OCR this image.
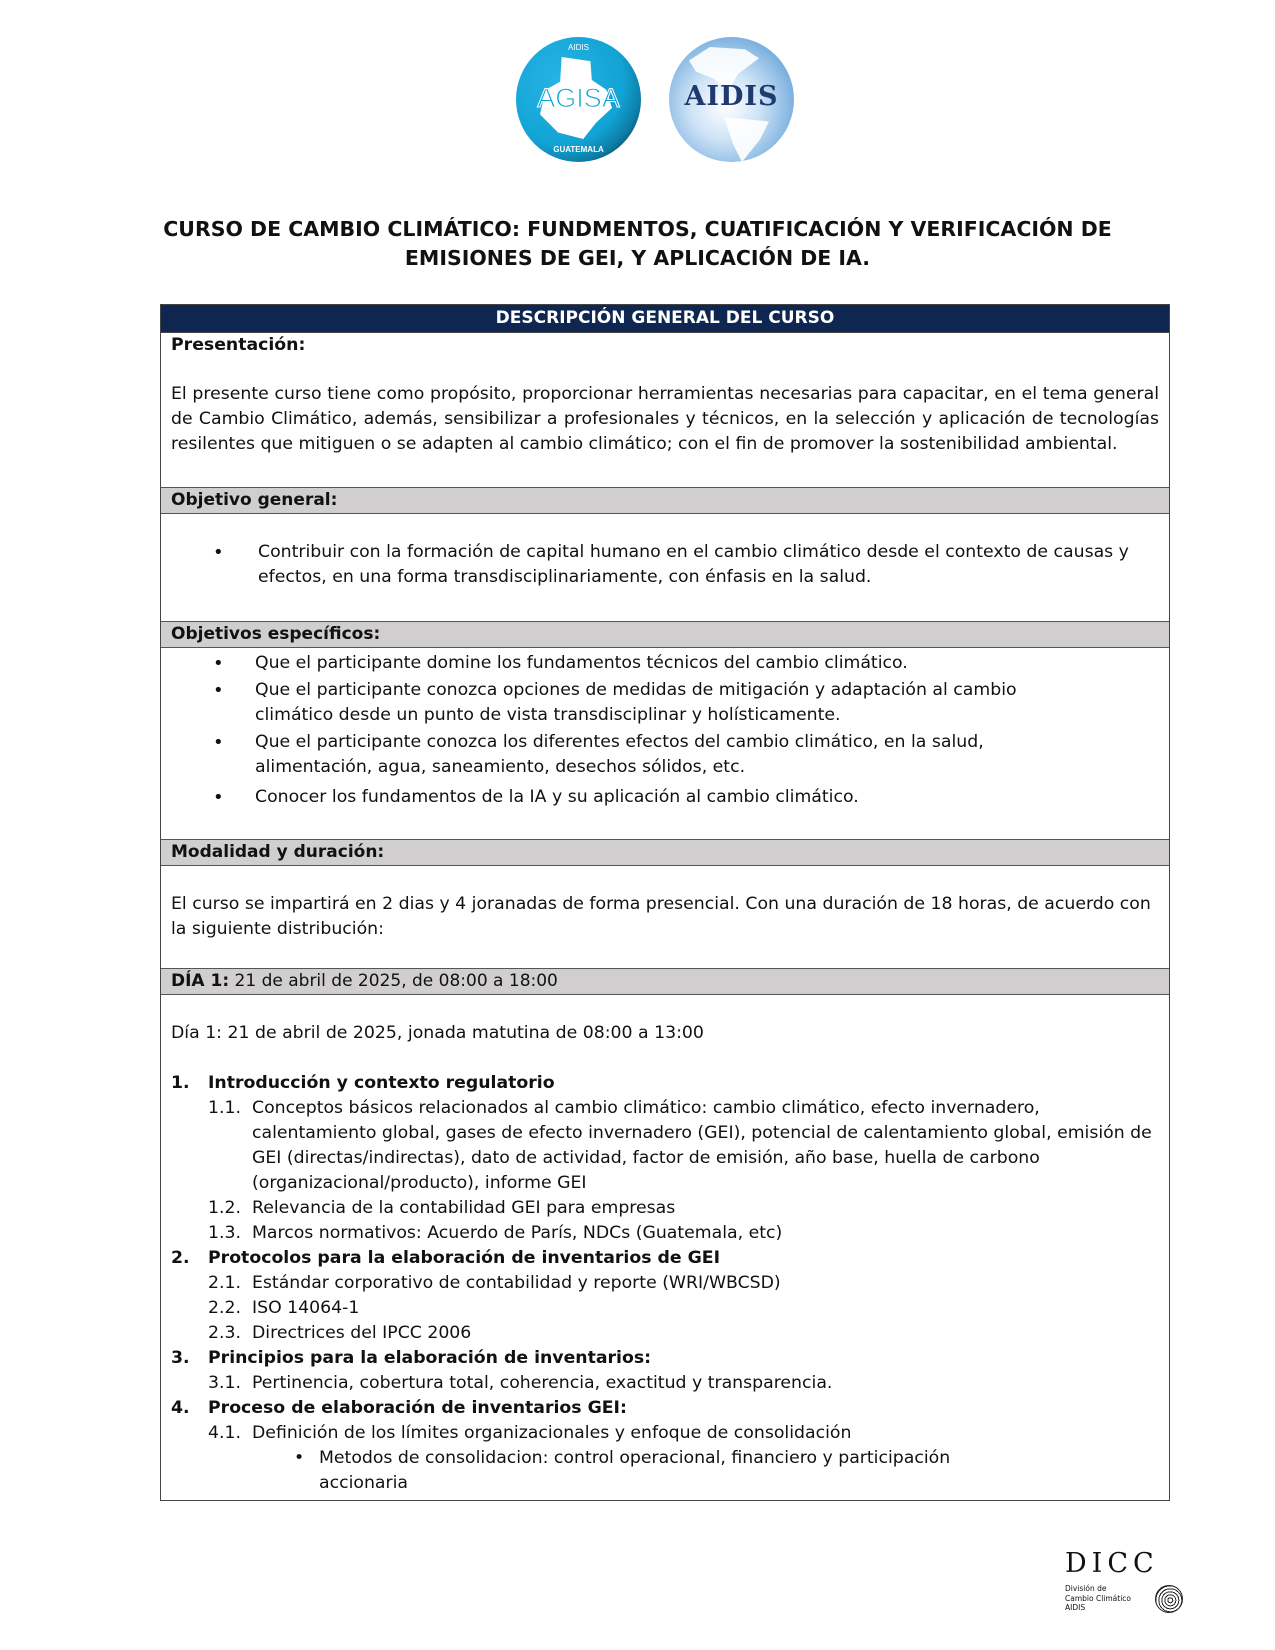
AIDIS
AGISA
GUATEMALA
AIDIS
CURSO DE CAMBIO CLIMÁTICO: FUNDMENTOS, CUATIFICACIÓN Y VERIFICACIÓN DE
EMISIONES DE GEI, Y APLICACIÓN DE IA.
DESCRIPCIÓN GENERAL DEL CURSO
Presentación:
El presente curso tiene como propósito, proporcionar herramientas necesarias para capacitar, en el tema general de Cambio Climático, además, sensibilizar a profesionales y técnicos, en la selección y aplicación de tecnologías resilentes que mitiguen o se adapten al cambio climático; con el fin de promover la sostenibilidad ambiental.
Objetivo general:
• Contribuir con la formación de capital humano en el cambio climático desde el contexto de causas y efectos, en una forma transdisciplinariamente, con énfasis en la salud.
Objetivos específicos:
• Que el participante domine los fundamentos técnicos del cambio climático.
• Que el participante conozca opciones de medidas de mitigación y adaptación al cambio climático desde un punto de vista transdisciplinar y holísticamente.
• Que el participante conozca los diferentes efectos del cambio climático, en la salud, alimentación, agua, saneamiento, desechos sólidos, etc.
• Conocer los fundamentos de la IA y su aplicación al cambio climático.
Modalidad y duración:
El curso se impartirá en 2 dias y 4 joranadas de forma presencial. Con una duración de 18 horas, de acuerdo con la siguiente distribución:
DÍA 1: 21 de abril de 2025, de 08:00 a 18:00
Día 1: 21 de abril de 2025, jonada matutina de 08:00 a 13:00
1. Introducción y contexto regulatorio
1.1. Conceptos básicos relacionados al cambio climático: cambio climático, efecto invernadero, calentamiento global, gases de efecto invernadero (GEI), potencial de calentamiento global, emisión de GEI (directas/indirectas), dato de actividad, factor de emisión, año base, huella de carbono (organizacional/producto), informe GEI
1.2. Relevancia de la contabilidad GEI para empresas
1.3. Marcos normativos: Acuerdo de París, NDCs (Guatemala, etc)
2. Protocolos para la elaboración de inventarios de GEI
2.1. Estándar corporativo de contabilidad y reporte (WRI/WBCSD)
2.2. ISO 14064-1
2.3. Directrices del IPCC 2006
3. Principios para la elaboración de inventarios:
3.1. Pertinencia, cobertura total, coherencia, exactitud y transparencia.
4. Proceso de elaboración de inventarios GEI:
4.1. Definición de los límites organizacionales y enfoque de consolidación
• Metodos de consolidacion: control operacional, financiero y participación accionaria
DICC
División de
Cambio Climático
AIDIS
